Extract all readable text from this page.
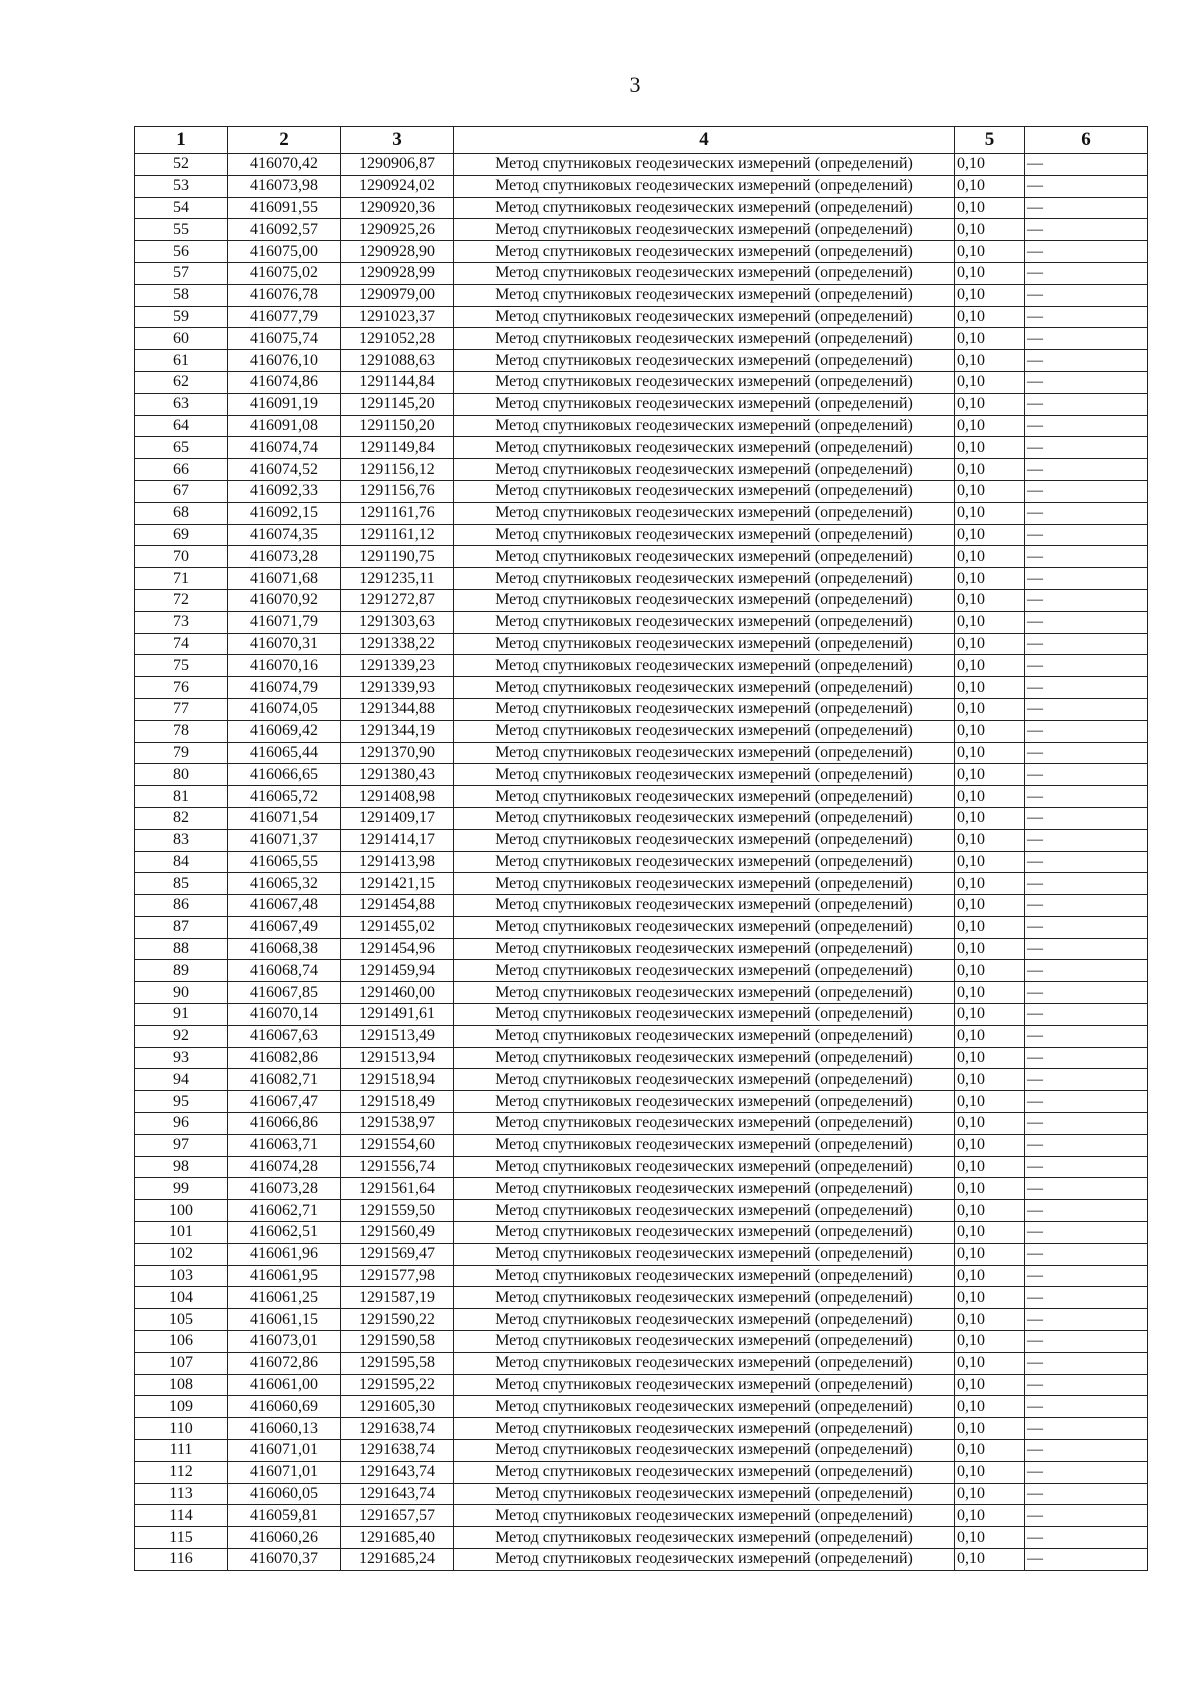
3
1	2	3	4	5	6
52	416070,42	1290906,87	Метод спутниковых геодезических измерений (определений)	0,10	—
53	416073,98	1290924,02	Метод спутниковых геодезических измерений (определений)	0,10	—
54	416091,55	1290920,36	Метод спутниковых геодезических измерений (определений)	0,10	—
55	416092,57	1290925,26	Метод спутниковых геодезических измерений (определений)	0,10	—
56	416075,00	1290928,90	Метод спутниковых геодезических измерений (определений)	0,10	—
57	416075,02	1290928,99	Метод спутниковых геодезических измерений (определений)	0,10	—
58	416076,78	1290979,00	Метод спутниковых геодезических измерений (определений)	0,10	—
59	416077,79	1291023,37	Метод спутниковых геодезических измерений (определений)	0,10	—
60	416075,74	1291052,28	Метод спутниковых геодезических измерений (определений)	0,10	—
61	416076,10	1291088,63	Метод спутниковых геодезических измерений (определений)	0,10	—
62	416074,86	1291144,84	Метод спутниковых геодезических измерений (определений)	0,10	—
63	416091,19	1291145,20	Метод спутниковых геодезических измерений (определений)	0,10	—
64	416091,08	1291150,20	Метод спутниковых геодезических измерений (определений)	0,10	—
65	416074,74	1291149,84	Метод спутниковых геодезических измерений (определений)	0,10	—
66	416074,52	1291156,12	Метод спутниковых геодезических измерений (определений)	0,10	—
67	416092,33	1291156,76	Метод спутниковых геодезических измерений (определений)	0,10	—
68	416092,15	1291161,76	Метод спутниковых геодезических измерений (определений)	0,10	—
69	416074,35	1291161,12	Метод спутниковых геодезических измерений (определений)	0,10	—
70	416073,28	1291190,75	Метод спутниковых геодезических измерений (определений)	0,10	—
71	416071,68	1291235,11	Метод спутниковых геодезических измерений (определений)	0,10	—
72	416070,92	1291272,87	Метод спутниковых геодезических измерений (определений)	0,10	—
73	416071,79	1291303,63	Метод спутниковых геодезических измерений (определений)	0,10	—
74	416070,31	1291338,22	Метод спутниковых геодезических измерений (определений)	0,10	—
75	416070,16	1291339,23	Метод спутниковых геодезических измерений (определений)	0,10	—
76	416074,79	1291339,93	Метод спутниковых геодезических измерений (определений)	0,10	—
77	416074,05	1291344,88	Метод спутниковых геодезических измерений (определений)	0,10	—
78	416069,42	1291344,19	Метод спутниковых геодезических измерений (определений)	0,10	—
79	416065,44	1291370,90	Метод спутниковых геодезических измерений (определений)	0,10	—
80	416066,65	1291380,43	Метод спутниковых геодезических измерений (определений)	0,10	—
81	416065,72	1291408,98	Метод спутниковых геодезических измерений (определений)	0,10	—
82	416071,54	1291409,17	Метод спутниковых геодезических измерений (определений)	0,10	—
83	416071,37	1291414,17	Метод спутниковых геодезических измерений (определений)	0,10	—
84	416065,55	1291413,98	Метод спутниковых геодезических измерений (определений)	0,10	—
85	416065,32	1291421,15	Метод спутниковых геодезических измерений (определений)	0,10	—
86	416067,48	1291454,88	Метод спутниковых геодезических измерений (определений)	0,10	—
87	416067,49	1291455,02	Метод спутниковых геодезических измерений (определений)	0,10	—
88	416068,38	1291454,96	Метод спутниковых геодезических измерений (определений)	0,10	—
89	416068,74	1291459,94	Метод спутниковых геодезических измерений (определений)	0,10	—
90	416067,85	1291460,00	Метод спутниковых геодезических измерений (определений)	0,10	—
91	416070,14	1291491,61	Метод спутниковых геодезических измерений (определений)	0,10	—
92	416067,63	1291513,49	Метод спутниковых геодезических измерений (определений)	0,10	—
93	416082,86	1291513,94	Метод спутниковых геодезических измерений (определений)	0,10	—
94	416082,71	1291518,94	Метод спутниковых геодезических измерений (определений)	0,10	—
95	416067,47	1291518,49	Метод спутниковых геодезических измерений (определений)	0,10	—
96	416066,86	1291538,97	Метод спутниковых геодезических измерений (определений)	0,10	—
97	416063,71	1291554,60	Метод спутниковых геодезических измерений (определений)	0,10	—
98	416074,28	1291556,74	Метод спутниковых геодезических измерений (определений)	0,10	—
99	416073,28	1291561,64	Метод спутниковых геодезических измерений (определений)	0,10	—
100	416062,71	1291559,50	Метод спутниковых геодезических измерений (определений)	0,10	—
101	416062,51	1291560,49	Метод спутниковых геодезических измерений (определений)	0,10	—
102	416061,96	1291569,47	Метод спутниковых геодезических измерений (определений)	0,10	—
103	416061,95	1291577,98	Метод спутниковых геодезических измерений (определений)	0,10	—
104	416061,25	1291587,19	Метод спутниковых геодезических измерений (определений)	0,10	—
105	416061,15	1291590,22	Метод спутниковых геодезических измерений (определений)	0,10	—
106	416073,01	1291590,58	Метод спутниковых геодезических измерений (определений)	0,10	—
107	416072,86	1291595,58	Метод спутниковых геодезических измерений (определений)	0,10	—
108	416061,00	1291595,22	Метод спутниковых геодезических измерений (определений)	0,10	—
109	416060,69	1291605,30	Метод спутниковых геодезических измерений (определений)	0,10	—
110	416060,13	1291638,74	Метод спутниковых геодезических измерений (определений)	0,10	—
111	416071,01	1291638,74	Метод спутниковых геодезических измерений (определений)	0,10	—
112	416071,01	1291643,74	Метод спутниковых геодезических измерений (определений)	0,10	—
113	416060,05	1291643,74	Метод спутниковых геодезических измерений (определений)	0,10	—
114	416059,81	1291657,57	Метод спутниковых геодезических измерений (определений)	0,10	—
115	416060,26	1291685,40	Метод спутниковых геодезических измерений (определений)	0,10	—
116	416070,37	1291685,24	Метод спутниковых геодезических измерений (определений)	0,10	—
